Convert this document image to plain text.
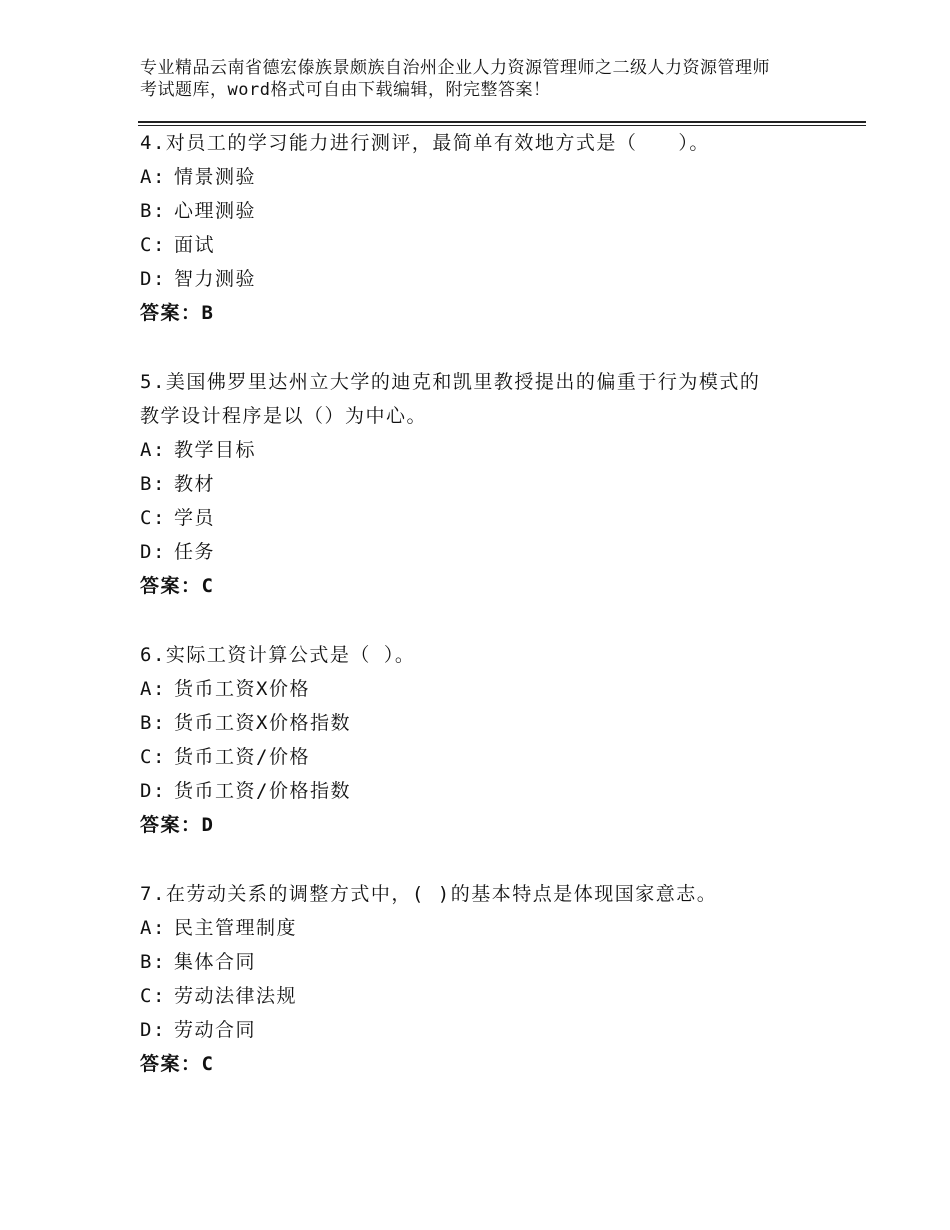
专业精品云南省德宏傣族景颇族自治州企业人力资源管理师之二级人力资源管理师
考试题库，word格式可自由下载编辑，附完整答案！
4.对员工的学习能力进行测评，最简单有效地方式是（　　）。
A: 情景测验
B: 心理测验
C: 面试
D: 智力测验
答案：B
5.美国佛罗里达州立大学的迪克和凯里教授提出的偏重于行为模式的
教学设计程序是以（）为中心。
A: 教学目标
B: 教材
C: 学员
D: 任务
答案：C
6.实际工资计算公式是（ ）。
A: 货币工资X价格
B: 货币工资X价格指数
C: 货币工资/价格
D: 货币工资/价格指数
答案：D
7.在劳动关系的调整方式中，( )的基本特点是体现国家意志。
A: 民主管理制度
B: 集体合同
C: 劳动法律法规
D: 劳动合同
答案：C
